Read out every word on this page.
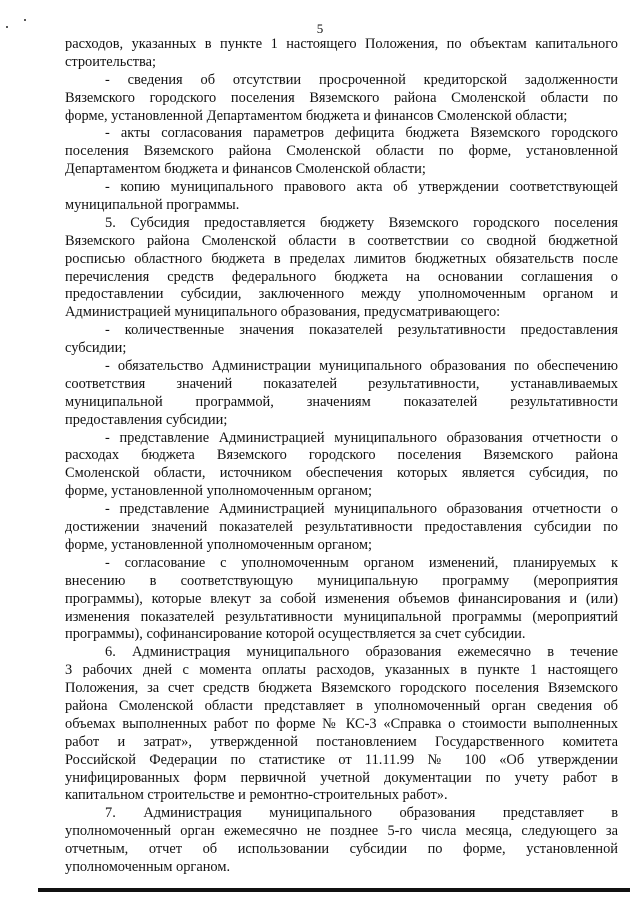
5
расходов, указанных в пункте 1 настоящего Положения, по объектам капитального
строительства;
- сведения об отсутствии просроченной кредиторской задолженности
Вяземского городского поселения Вяземского района Смоленской области по
форме, установленной Департаментом бюджета и финансов Смоленской области;
- акты согласования параметров дефицита бюджета Вяземского городского
поселения Вяземского района Смоленской области по форме, установленной
Департаментом бюджета и финансов Смоленской области;
- копию муниципального правового акта об утверждении соответствующей
муниципальной программы.
5. Субсидия предоставляется бюджету Вяземского городского поселения
Вяземского района Смоленской области в соответствии со сводной бюджетной
росписью областного бюджета в пределах лимитов бюджетных обязательств после
перечисления средств федерального бюджета на основании соглашения о
предоставлении субсидии, заключенного между уполномоченным органом и
Администрацией муниципального образования, предусматривающего:
- количественные значения показателей результативности предоставления
субсидии;
- обязательство Администрации муниципального образования по обеспечению
соответствия значений показателей результативности, устанавливаемых
муниципальной программой, значениям показателей результативности
предоставления субсидии;
- представление Администрацией муниципального образования отчетности о
расходах бюджета Вяземского городского поселения Вяземского района
Смоленской области, источником обеспечения которых является субсидия, по
форме, установленной уполномоченным органом;
- представление Администрацией муниципального образования отчетности о
достижении значений показателей результативности предоставления субсидии по
форме, установленной уполномоченным органом;
- согласование с уполномоченным органом изменений, планируемых к
внесению в соответствующую муниципальную программу (мероприятия
программы), которые влекут за собой изменения объемов финансирования и (или)
изменения показателей результативности муниципальной программы (мероприятий
программы), софинансирование которой осуществляется за счет субсидии.
6. Администрация муниципального образования ежемесячно в течение
3 рабочих дней с момента оплаты расходов, указанных в пункте 1 настоящего
Положения, за счет средств бюджета Вяземского городского поселения Вяземского
района Смоленской области представляет в уполномоченный орган сведения об
объемах выполненных работ по форме № КС-3 «Справка о стоимости выполненных
работ и затрат», утвержденной постановлением Государственного комитета
Российской Федерации по статистике от 11.11.99 № 100 «Об утверждении
унифицированных форм первичной учетной документации по учету работ в
капитальном строительстве и ремонтно-строительных работ».
7. Администрация муниципального образования представляет в
уполномоченный орган ежемесячно не позднее 5-го числа месяца, следующего за
отчетным, отчет об использовании субсидии по форме, установленной
уполномоченным органом.
